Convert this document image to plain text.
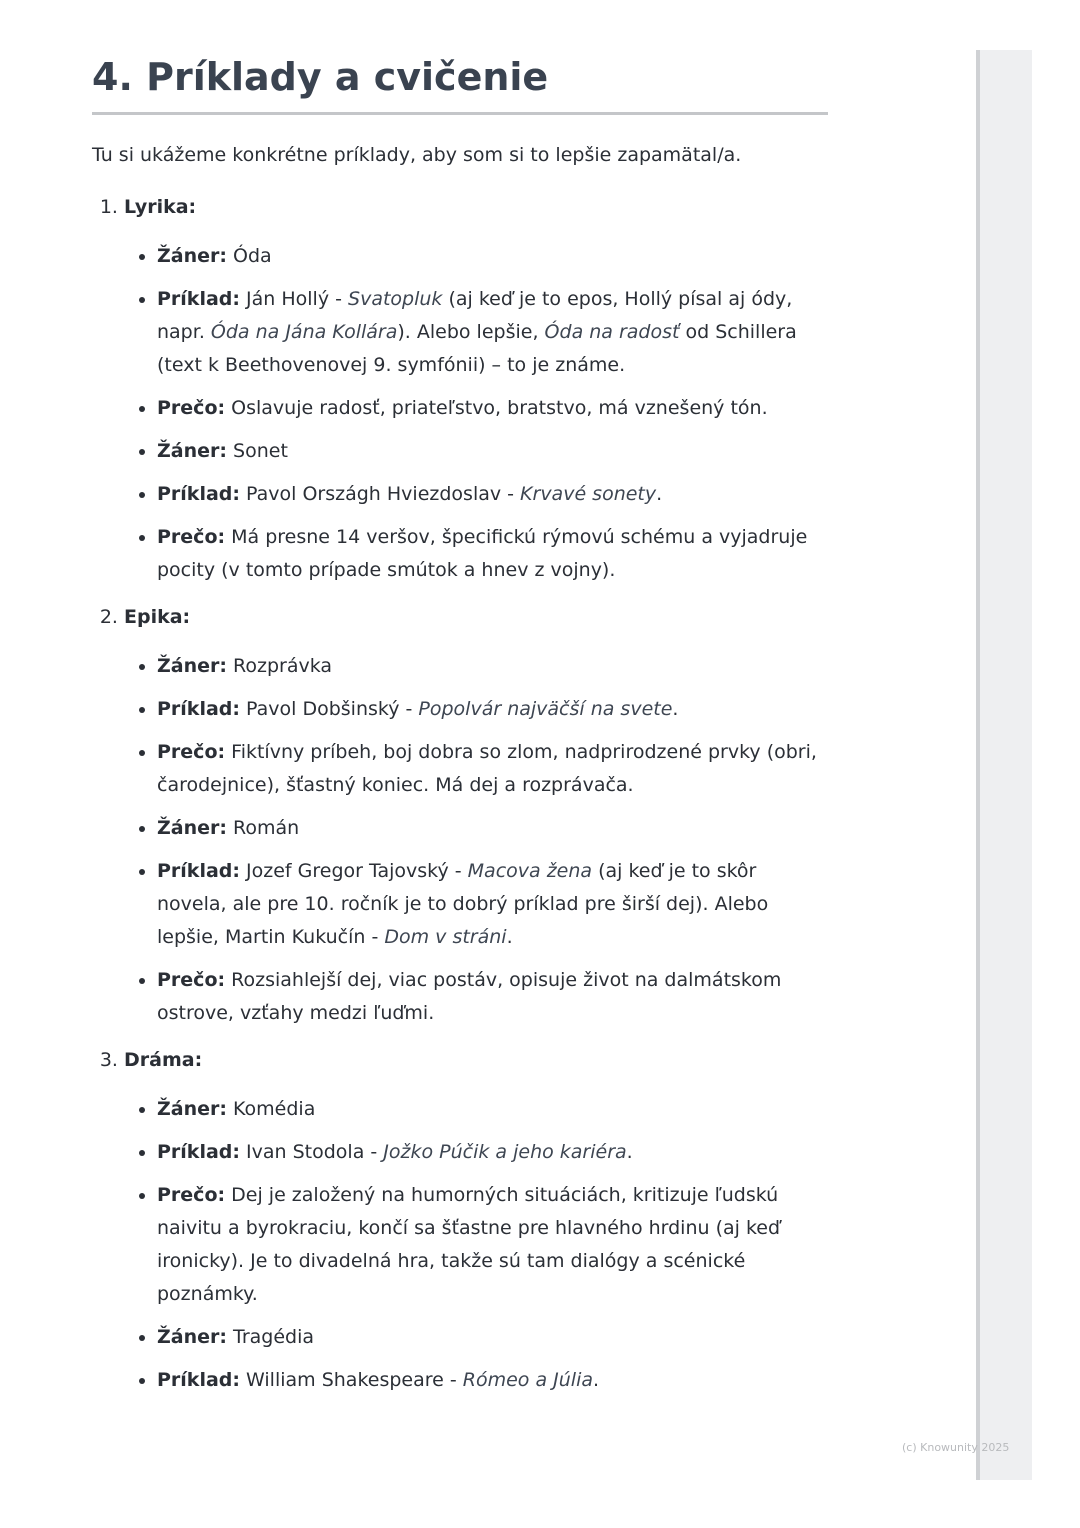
4. Príklady a cvičenie

Tu si ukážeme konkrétne príklady, aby som si to lepšie zapamätal/a.

1. Lyrika:
• Žáner: Óda
• Príklad: Ján Hollý - Svatopluk (aj keď je to epos, Hollý písal aj ódy, napr. Óda na Jána Kollára). Alebo lepšie, Óda na radosť od Schillera (text k Beethovenovej 9. symfónii) – to je známe.
• Prečo: Oslavuje radosť, priateľstvo, bratstvo, má vznešený tón.
• Žáner: Sonet
• Príklad: Pavol Országh Hviezdoslav - Krvavé sonety.
• Prečo: Má presne 14 veršov, špecifickú rýmovú schému a vyjadruje pocity (v tomto prípade smútok a hnev z vojny).
2. Epika:
• Žáner: Rozprávka
• Príklad: Pavol Dobšinský - Popolvár najväčší na svete.
• Prečo: Fiktívny príbeh, boj dobra so zlom, nadprirodzené prvky (obri, čarodejnice), šťastný koniec. Má dej a rozprávača.
• Žáner: Román
• Príklad: Jozef Gregor Tajovský - Macova žena (aj keď je to skôr novela, ale pre 10. ročník je to dobrý príklad pre širší dej). Alebo lepšie, Martin Kukučín - Dom v stráni.
• Prečo: Rozsiahlejší dej, viac postáv, opisuje život na dalmátskom ostrove, vzťahy medzi ľuďmi.
3. Dráma:
• Žáner: Komédia
• Príklad: Ivan Stodola - Jožko Púčik a jeho kariéra.
• Prečo: Dej je založený na humorných situáciách, kritizuje ľudskú naivitu a byrokraciu, končí sa šťastne pre hlavného hrdinu (aj keď ironicky). Je to divadelná hra, takže sú tam dialógy a scénické poznámky.
• Žáner: Tragédia
• Príklad: William Shakespeare - Rómeo a Júlia.
(c) Knowunity 2025
